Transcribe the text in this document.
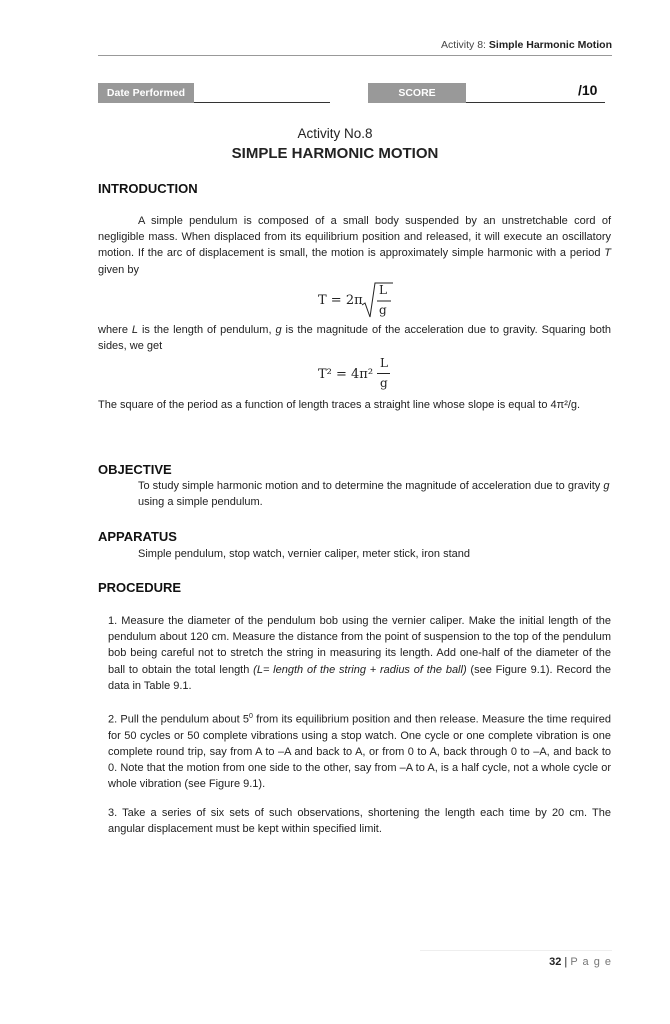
Activity 8: Simple Harmonic Motion
Date Performed	SCORE	/10
Activity No.8
SIMPLE HARMONIC MOTION
INTRODUCTION

A simple pendulum is composed of a small body suspended by an unstretchable cord of negligible mass. When displaced from its equilibrium position and released, it will execute an oscillatory motion. If the arc of displacement is small, the motion is approximately simple harmonic with a period T given by

T = 2π
L
g

where L is the length of pendulum, g is the magnitude of the acceleration due to gravity. Squaring both sides, we get

T² = 4π²
L
g

The square of the period as a function of length traces a straight line whose slope is equal to 4π²/g.

OBJECTIVE

To study simple harmonic motion and to determine the magnitude of acceleration due to gravity g using a simple pendulum.

APPARATUS

Simple pendulum, stop watch, vernier caliper, meter stick, iron stand

PROCEDURE

1. Measure the diameter of the pendulum bob using the vernier caliper. Make the initial length of the pendulum about 120 cm. Measure the distance from the point of suspension to the top of the pendulum bob being careful not to stretch the string in measuring its length. Add one-half of the diameter of the ball to obtain the total length (L= length of the string + radius of the ball) (see Figure 9.1). Record the data in Table 9.1.

2. Pull the pendulum about $5^0$ from its equilibrium position and then release. Measure the time required for 50 cycles or 50 complete vibrations using a stop watch. One cycle or one complete vibration is one complete round trip, say from A to –A and back to A, or from 0 to A, back through 0 to –A, and back to 0. Note that the motion from one side to the other, say from –A to A, is a half cycle, not a whole cycle or whole vibration (see Figure 9.1).

3. Take a series of six sets of such observations, shortening the length each time by 20 cm. The angular displacement must be kept within specified limit.

32 | P a g e
